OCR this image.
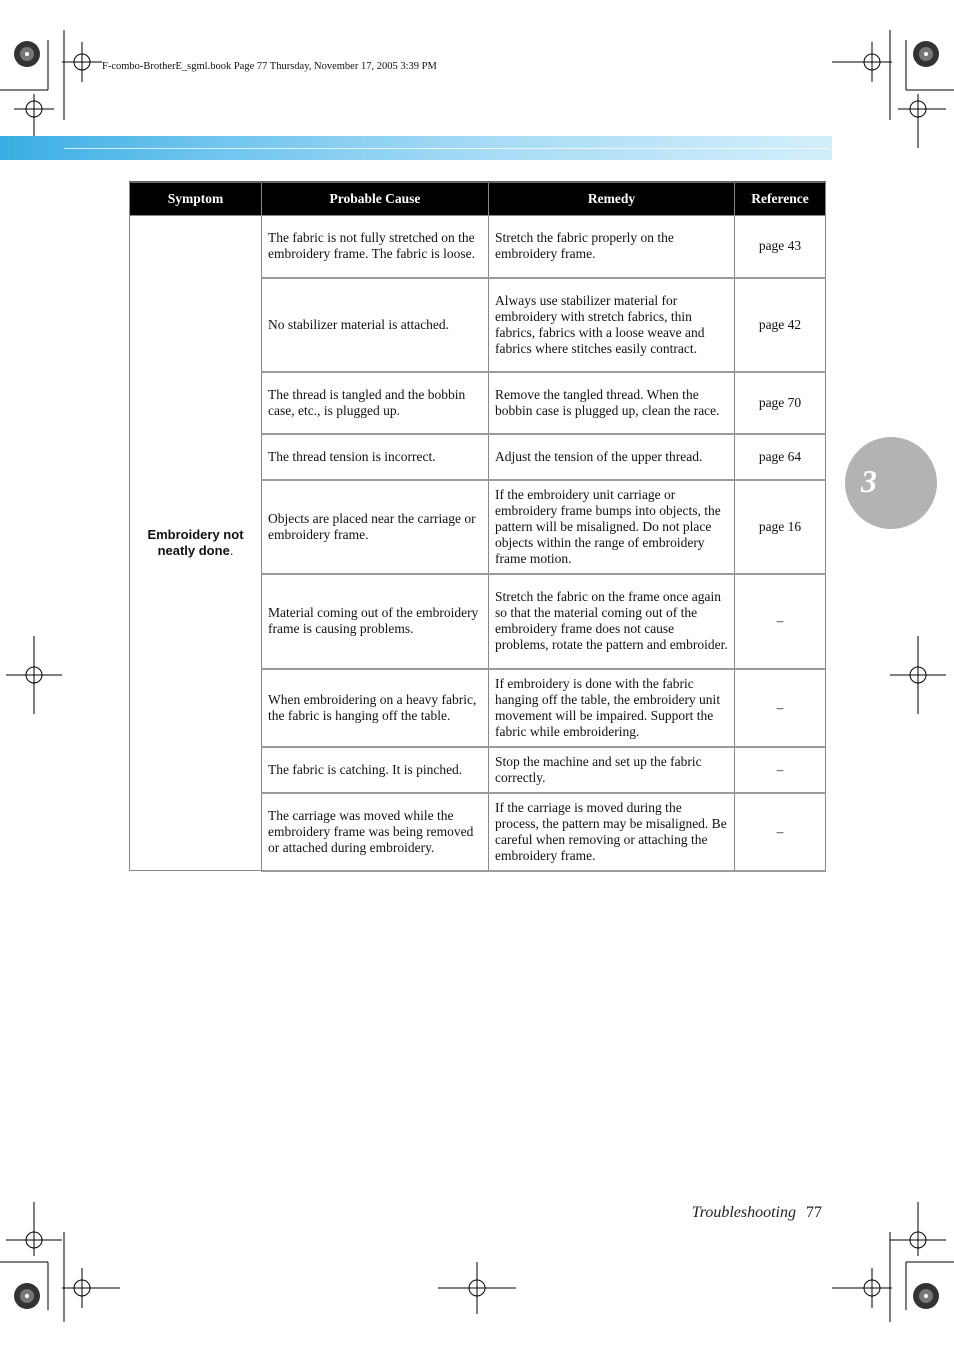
F-combo-BrotherE_sgml.book Page 77 Thursday, November 17, 2005 3:39 PM
3
Symptom	Probable Cause	Remedy	Reference
Embroidery not neatly done.	The fabric is not fully stretched on the embroidery frame. The fabric is loose.	Stretch the fabric properly on the embroidery frame.	page 43
	No stabilizer material is attached.	Always use stabilizer material for embroidery with stretch fabrics, thin fabrics, fabrics with a loose weave and fabrics where stitches easily contract.	page 42
	The thread is tangled and the bobbin case, etc., is plugged up.	Remove the tangled thread. When the bobbin case is plugged up, clean the race.	page 70
	The thread tension is incorrect.	Adjust the tension of the upper thread.	page 64
	Objects are placed near the carriage or embroidery frame.	If the embroidery unit carriage or embroidery frame bumps into objects, the pattern will be misaligned. Do not place objects within the range of embroidery frame motion.	page 16
	Material coming out of the embroidery frame is causing problems.	Stretch the fabric on the frame once again so that the material coming out of the embroidery frame does not cause problems, rotate the pattern and embroider.	–
	When embroidering on a heavy fabric, the fabric is hanging off the table.	If embroidery is done with the fabric hanging off the table, the embroidery unit movement will be impaired. Support the fabric while embroidering.	–
	The fabric is catching. It is pinched.	Stop the machine and set up the fabric correctly.	–
	The carriage was moved while the embroidery frame was being removed or attached during embroidery.	If the carriage is moved during the process, the pattern may be misaligned. Be careful when removing or attaching the embroidery frame.	–
Troubleshooting 77
